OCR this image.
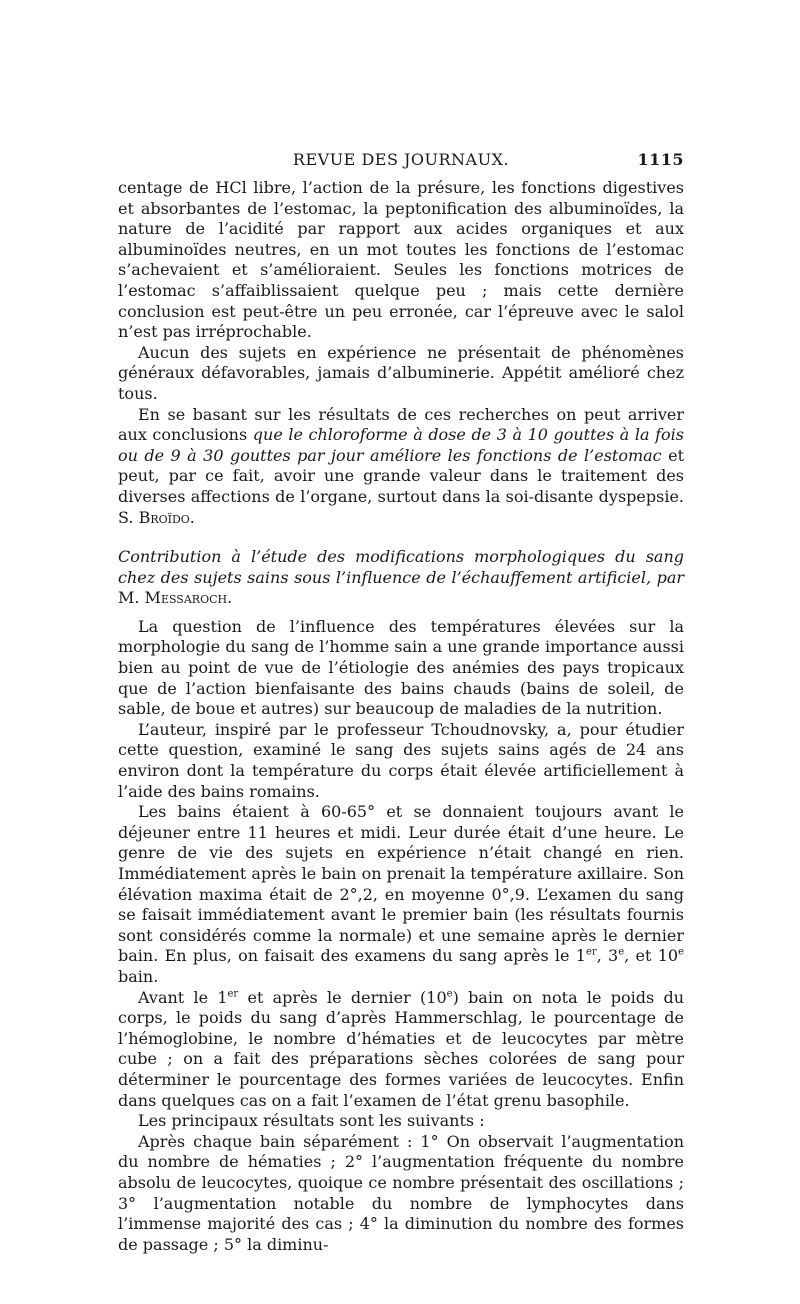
REVUE DES JOURNAUX.	1115

centage de HCl libre, l’action de la présure, les fonctions digestives et absorbantes de l’estomac, la peptonification des albuminoïdes, la nature de l’acidité par rapport aux acides organiques et aux albuminoïdes neutres, en un mot toutes les fonctions de l’estomac s’achevaient et s’amélioraient. Seules les fonctions motrices de l’estomac s’affaiblissaient quelque peu ; mais cette dernière conclusion est peut-être un peu erronée, car l’épreuve avec le salol n’est pas irréprochable.

Aucun des sujets en expérience ne présentait de phénomènes généraux défavorables, jamais d’albuminerie. Appétit amélioré chez tous.

En se basant sur les résultats de ces recherches on peut arriver aux conclusions que le chloroforme à dose de 3 à 10 gouttes à la fois ou de 9 à 30 gouttes par jour améliore les fonctions de l’estomac et peut, par ce fait, avoir une grande valeur dans le traitement des diverses affections de l’organe, surtout dans la soi-disante dyspepsie. S. Broïdo.

Contribution à l’étude des modifications morphologiques du sang chez des sujets sains sous l’influence de l’échauffement artificiel, par M. Messaroch.

La question de l’influence des températures élevées sur la morphologie du sang de l’homme sain a une grande importance aussi bien au point de vue de l’étiologie des anémies des pays tropicaux que de l’action bienfaisante des bains chauds (bains de soleil, de sable, de boue et autres) sur beaucoup de maladies de la nutrition.

L’auteur, inspiré par le professeur Tchoudnovsky, a, pour étudier cette question, examiné le sang des sujets sains agés de 24 ans environ dont la température du corps était élevée artificiellement à l’aide des bains romains.

Les bains étaient à 60-65° et se donnaient toujours avant le déjeuner entre 11 heures et midi. Leur durée était d’une heure. Le genre de vie des sujets en expérience n’était changé en rien. Immédiatement après le bain on prenait la température axillaire. Son élévation maxima était de 2°,2, en moyenne 0°,9. L’examen du sang se faisait immédiatement avant le premier bain (les résultats fournis sont considérés comme la normale) et une semaine après le dernier bain. En plus, on faisait des examens du sang après le 1er, 3e, et 10e bain.

Avant le 1er et après le dernier (10e) bain on nota le poids du corps, le poids du sang d’après Hammerschlag, le pourcentage de l’hémoglobine, le nombre d’hématies et de leucocytes par mètre cube ; on a fait des préparations sèches colorées de sang pour déterminer le pourcentage des formes variées de leucocytes. Enfin dans quelques cas on a fait l’examen de l’état grenu basophile.

Les principaux résultats sont les suivants :

Après chaque bain séparément : 1° On observait l’augmentation du nombre de hématies ; 2° l’augmentation fréquente du nombre absolu de leucocytes, quoique ce nombre présentait des oscillations ; 3° l’augmentation notable du nombre de lymphocytes dans l’immense majorité des cas ; 4° la diminution du nombre des formes de passage ; 5° la diminu-
